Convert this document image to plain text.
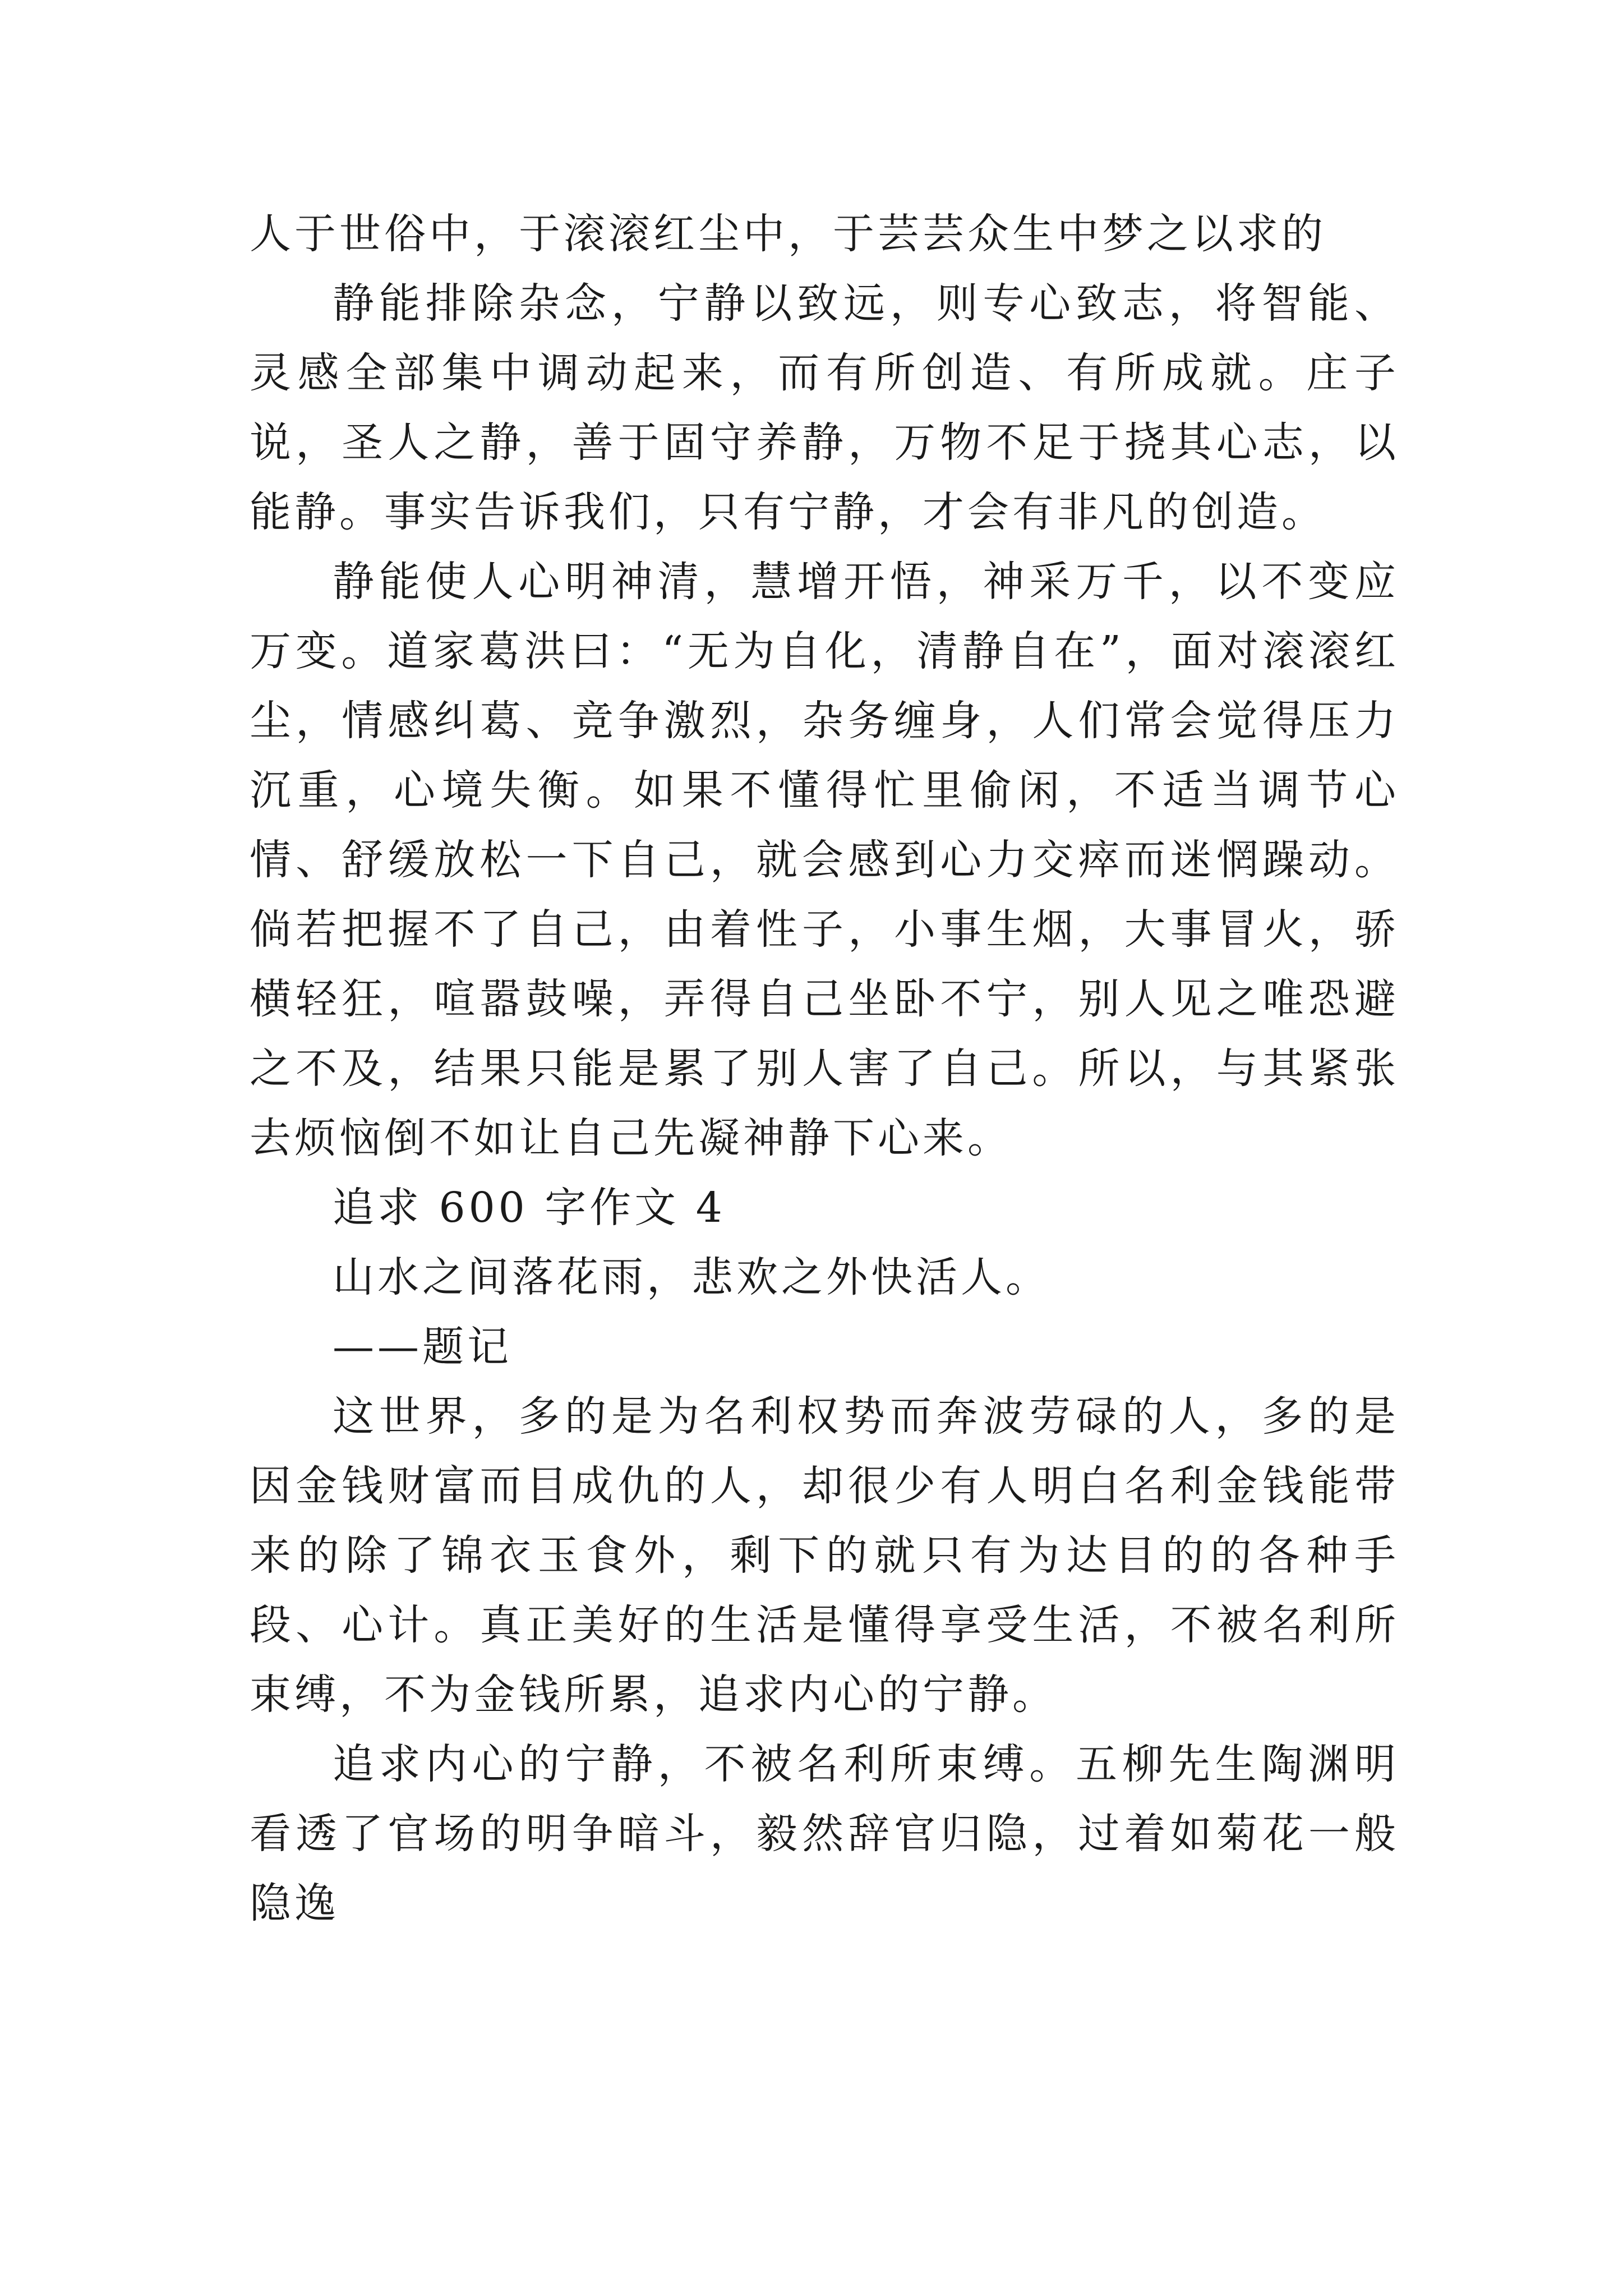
人于世俗中，于滚滚红尘中，于芸芸众生中梦之以求的

静能排除杂念，宁静以致远，则专心致志，将智能、灵感全部集中调动起来，而有所创造、有所成就。庄子说，圣人之静，善于固守养静，万物不足于挠其心志，以能静。事实告诉我们，只有宁静，才会有非凡的创造。

静能使人心明神清，慧增开悟，神采万千，以不变应万变。道家葛洪曰：“无为自化，清静自在”，面对滚滚红尘，情感纠葛、竞争激烈，杂务缠身，人们常会觉得压力沉重，心境失衡。如果不懂得忙里偷闲，不适当调节心情、舒缓放松一下自己，就会感到心力交瘁而迷惘躁动。倘若把握不了自己，由着性子，小事生烟，大事冒火，骄横轻狂，喧嚣鼓噪，弄得自己坐卧不宁，别人见之唯恐避之不及，结果只能是累了别人害了自己。所以，与其紧张去烦恼倒不如让自己先凝神静下心来。

追求 600 字作文 4

山水之间落花雨，悲欢之外快活人。

——题记

这世界，多的是为名利权势而奔波劳碌的人，多的是因金钱财富而目成仇的人，却很少有人明白名利金钱能带来的除了锦衣玉食外，剩下的就只有为达目的的各种手段、心计。真正美好的生活是懂得享受生活，不被名利所束缚，不为金钱所累，追求内心的宁静。

追求内心的宁静，不被名利所束缚。五柳先生陶渊明看透了官场的明争暗斗，毅然辞官归隐，过着如菊花一般隐逸
